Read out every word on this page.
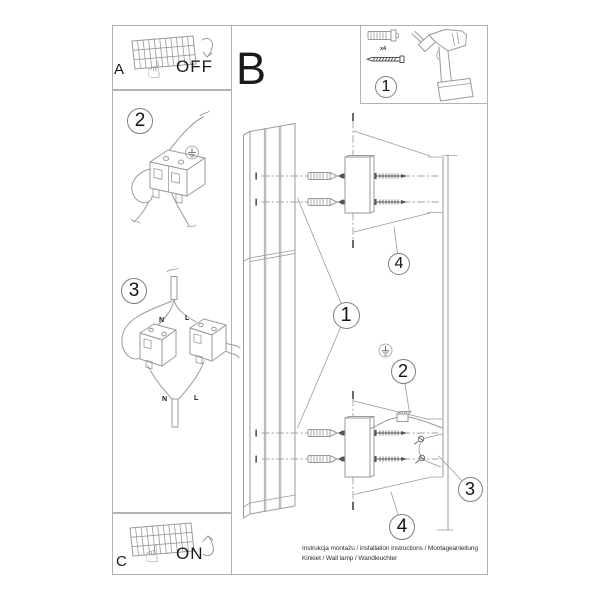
A	OFF B
C	ON
x4
N	L
N	L
☝
☝
1
2
3
1
2
3
4
4
Instrukcja montażu / installation instructions / Montageanleitung
Kinkiet / Wall lamp / Wandleuchter
